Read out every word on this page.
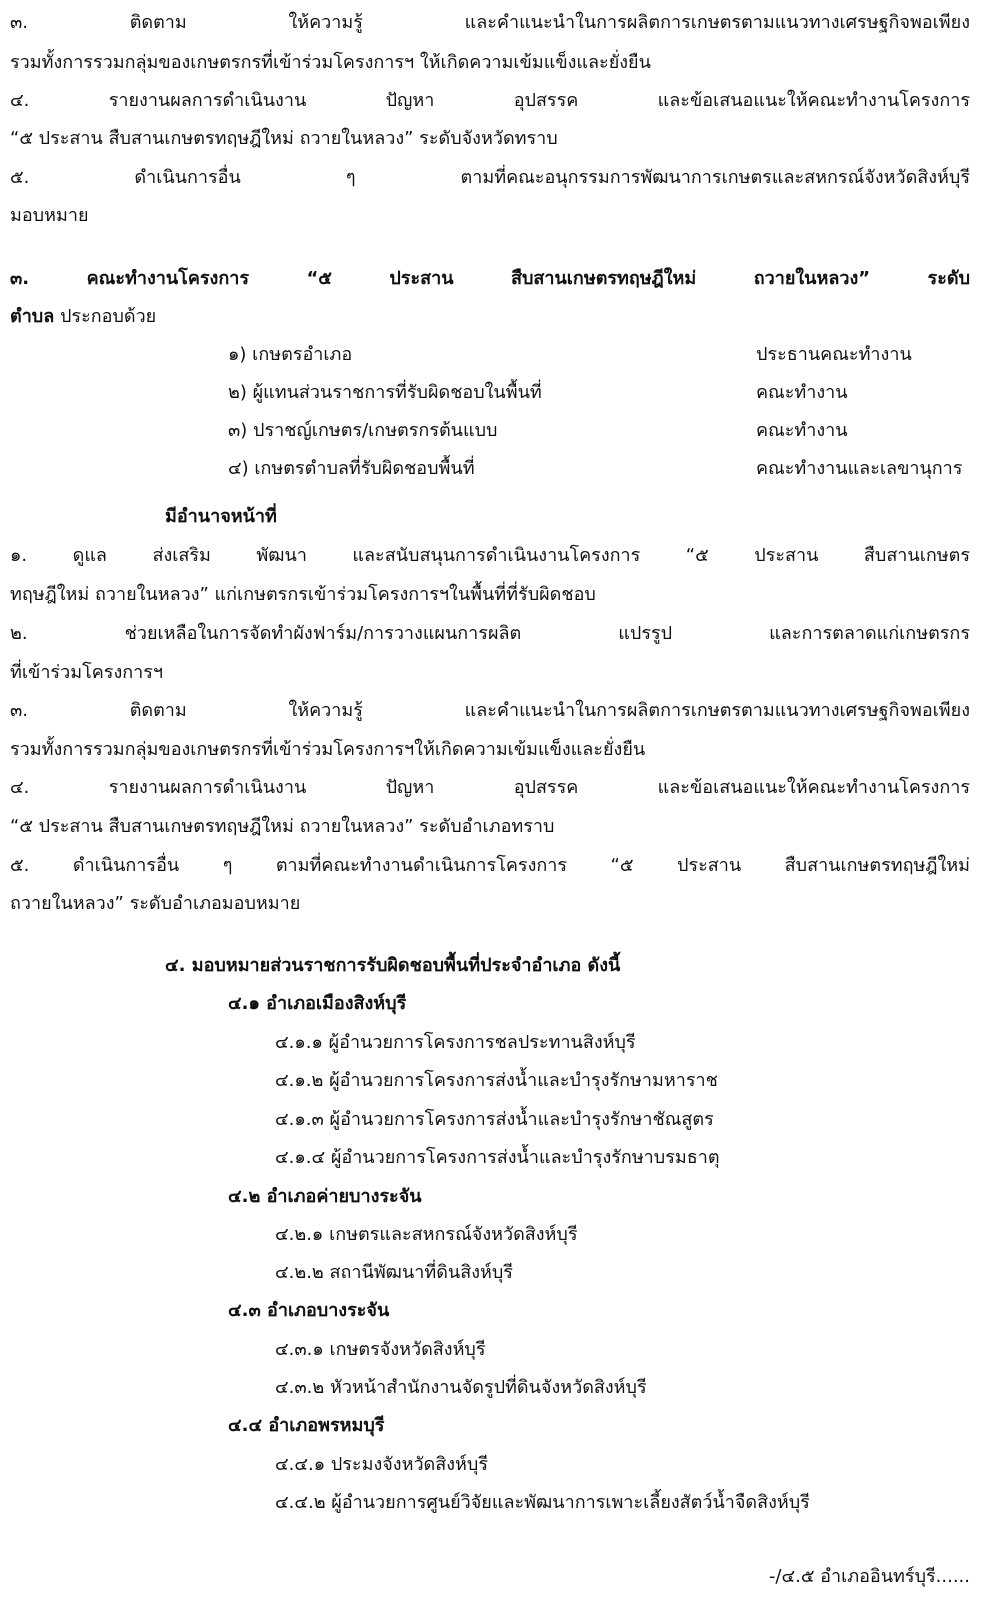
๓. ติดตาม ให้ความรู้ และคำแนะนำในการผลิตการเกษตรตามแนวทางเศรษฐกิจพอเพียง

รวมทั้งการรวมกลุ่มของเกษตรกรที่เข้าร่วมโครงการฯ ให้เกิดความเข้มแข็งและยั่งยืน

๔. รายงานผลการดำเนินงาน ปัญหา อุปสรรค และข้อเสนอแนะให้คณะทำงานโครงการ

“๕ ประสาน สืบสานเกษตรทฤษฎีใหม่ ถวายในหลวง” ระดับจังหวัดทราบ

๕. ดำเนินการอื่น ๆ ตามที่คณะอนุกรรมการพัฒนาการเกษตรและสหกรณ์จังหวัดสิงห์บุรี

มอบหมาย

๓. คณะทำงานโครงการ “๕ ประสาน สืบสานเกษตรทฤษฎีใหม่ ถวายในหลวง” ระดับ

ตำบล ประกอบด้วย

๑) เกษตรอำเภอ	ประธานคณะทำงาน

๒) ผู้แทนส่วนราชการที่รับผิดชอบในพื้นที่	คณะทำงาน

๓) ปราชญ์เกษตร/เกษตรกรต้นแบบ	คณะทำงาน

๔) เกษตรตำบลที่รับผิดชอบพื้นที่	คณะทำงานและเลขานุการ

มีอำนาจหน้าที่

๑. ดูแล ส่งเสริม พัฒนา และสนับสนุนการดำเนินงานโครงการ “๕ ประสาน สืบสานเกษตร

ทฤษฎีใหม่ ถวายในหลวง” แก่เกษตรกรเข้าร่วมโครงการฯในพื้นที่ที่รับผิดชอบ

๒. ช่วยเหลือในการจัดทำผังฟาร์ม/การวางแผนการผลิต แปรรูป และการตลาดแก่เกษตรกร

ที่เข้าร่วมโครงการฯ

๓. ติดตาม ให้ความรู้ และคำแนะนำในการผลิตการเกษตรตามแนวทางเศรษฐกิจพอเพียง

รวมทั้งการรวมกลุ่มของเกษตรกรที่เข้าร่วมโครงการฯให้เกิดความเข้มแข็งและยั่งยืน

๔. รายงานผลการดำเนินงาน ปัญหา อุปสรรค และข้อเสนอแนะให้คณะทำงานโครงการ

“๕ ประสาน สืบสานเกษตรทฤษฎีใหม่ ถวายในหลวง” ระดับอำเภอทราบ

๕. ดำเนินการอื่น ๆ ตามที่คณะทำงานดำเนินการโครงการ “๕ ประสาน สืบสานเกษตรทฤษฎีใหม่

ถวายในหลวง” ระดับอำเภอมอบหมาย

๔. มอบหมายส่วนราชการรับผิดชอบพื้นที่ประจำอำเภอ ดังนี้

๔.๑ อำเภอเมืองสิงห์บุรี

๔.๑.๑ ผู้อำนวยการโครงการชลประทานสิงห์บุรี

๔.๑.๒ ผู้อำนวยการโครงการส่งน้ำและบำรุงรักษามหาราช

๔.๑.๓ ผู้อำนวยการโครงการส่งน้ำและบำรุงรักษาชัณสูตร

๔.๑.๔ ผู้อำนวยการโครงการส่งน้ำและบำรุงรักษาบรมธาตุ

๔.๒ อำเภอค่ายบางระจัน

๔.๒.๑ เกษตรและสหกรณ์จังหวัดสิงห์บุรี

๔.๒.๒ สถานีพัฒนาที่ดินสิงห์บุรี

๔.๓ อำเภอบางระจัน

๔.๓.๑ เกษตรจังหวัดสิงห์บุรี

๔.๓.๒ หัวหน้าสำนักงานจัดรูปที่ดินจังหวัดสิงห์บุรี

๔.๔ อำเภอพรหมบุรี

๔.๔.๑ ประมงจังหวัดสิงห์บุรี

๔.๔.๒ ผู้อำนวยการศูนย์วิจัยและพัฒนาการเพาะเลี้ยงสัตว์น้ำจืดสิงห์บุรี

-/๔.๕ อำเภออินทร์บุรี......
